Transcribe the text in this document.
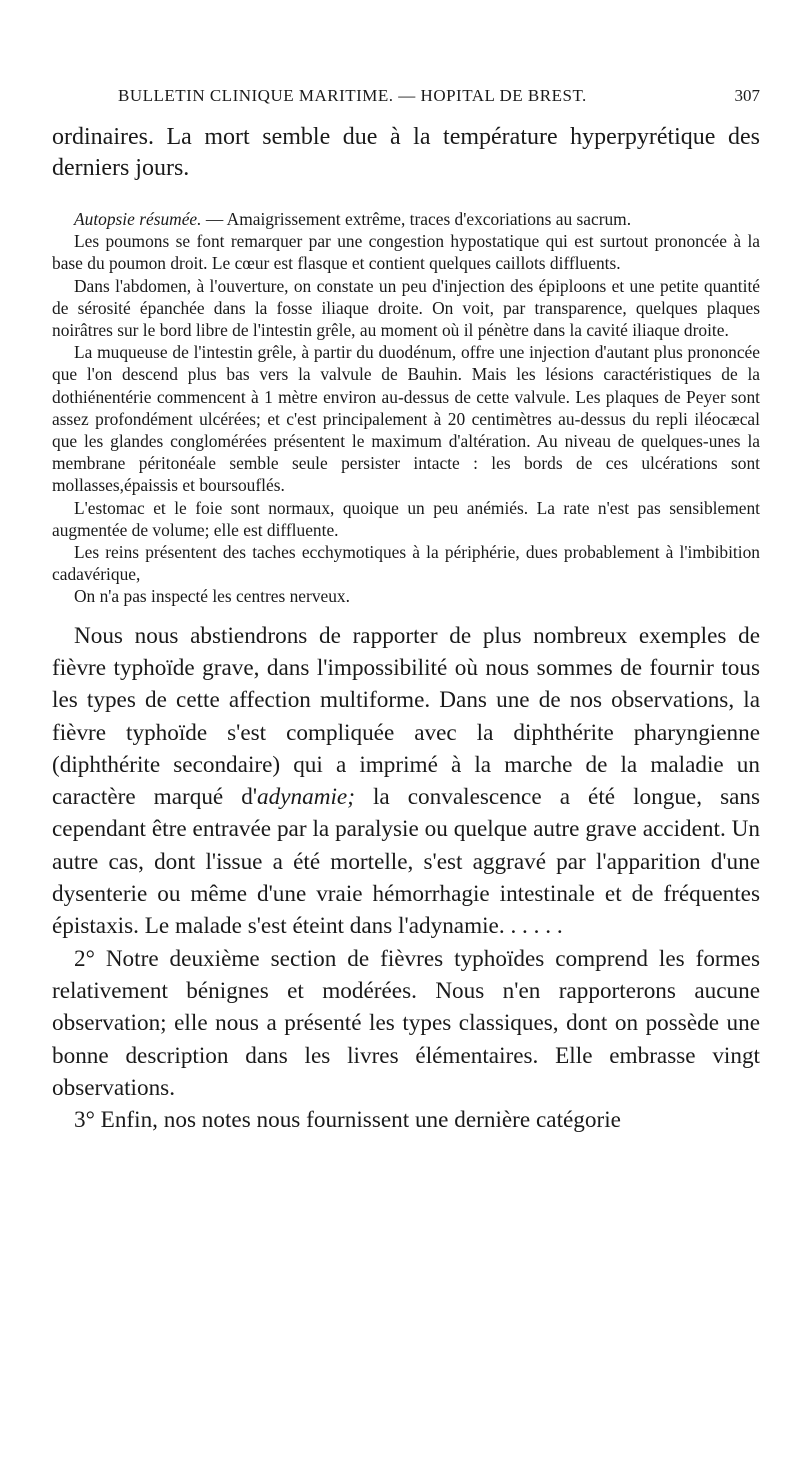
BULLETIN CLINIQUE MARITIME. — HOPITAL DE BREST.	307

ordinaires. La mort semble due à la température hyperpyrétique des derniers jours.

Autopsie résumée. — Amaigrissement extrême, traces d'excoriations au sacrum.

Les poumons se font remarquer par une congestion hypostatique qui est surtout prononcée à la base du poumon droit. Le cœur est flasque et contient quelques caillots diffluents.

Dans l'abdomen, à l'ouverture, on constate un peu d'injection des épiploons et une petite quantité de sérosité épanchée dans la fosse iliaque droite. On voit, par transparence, quelques plaques noirâtres sur le bord libre de l'intestin grêle, au moment où il pénètre dans la cavité iliaque droite.

La muqueuse de l'intestin grêle, à partir du duodénum, offre une injection d'autant plus prononcée que l'on descend plus bas vers la valvule de Bauhin. Mais les lésions caractéristiques de la dothiénentérie commencent à 1 mètre environ au-dessus de cette valvule. Les plaques de Peyer sont assez profondément ulcérées; et c'est principalement à 20 centimètres au-dessus du repli iléocæcal que les glandes conglomérées présentent le maximum d'altération. Au niveau de quelques-unes la membrane péritonéale semble seule persister intacte : les bords de ces ulcérations sont mollasses,épaissis et boursouflés.

L'estomac et le foie sont normaux, quoique un peu anémiés. La rate n'est pas sensiblement augmentée de volume; elle est diffluente.

Les reins présentent des taches ecchymotiques à la périphérie, dues probablement à l'imbibition cadavérique,

On n'a pas inspecté les centres nerveux.

Nous nous abstiendrons de rapporter de plus nombreux exemples de fièvre typhoïde grave, dans l'impossibilité où nous sommes de fournir tous les types de cette affection multiforme. Dans une de nos observations, la fièvre typhoïde s'est compliquée avec la diphthérite pharyngienne (diphthérite secondaire) qui a imprimé à la marche de la maladie un caractère marqué d'adynamie; la convalescence a été longue, sans cependant être entravée par la paralysie ou quelque autre grave accident. Un autre cas, dont l'issue a été mortelle, s'est aggravé par l'apparition d'une dysenterie ou même d'une vraie hémorrhagie intestinale et de fréquentes épistaxis. Le malade s'est éteint dans l'adynamie. . . . . .

2° Notre deuxième section de fièvres typhoïdes comprend les formes relativement bénignes et modérées. Nous n'en rapporterons aucune observation; elle nous a présenté les types classiques, dont on possède une bonne description dans les livres élémentaires. Elle embrasse vingt observations.

3° Enfin, nos notes nous fournissent une dernière catégorie
